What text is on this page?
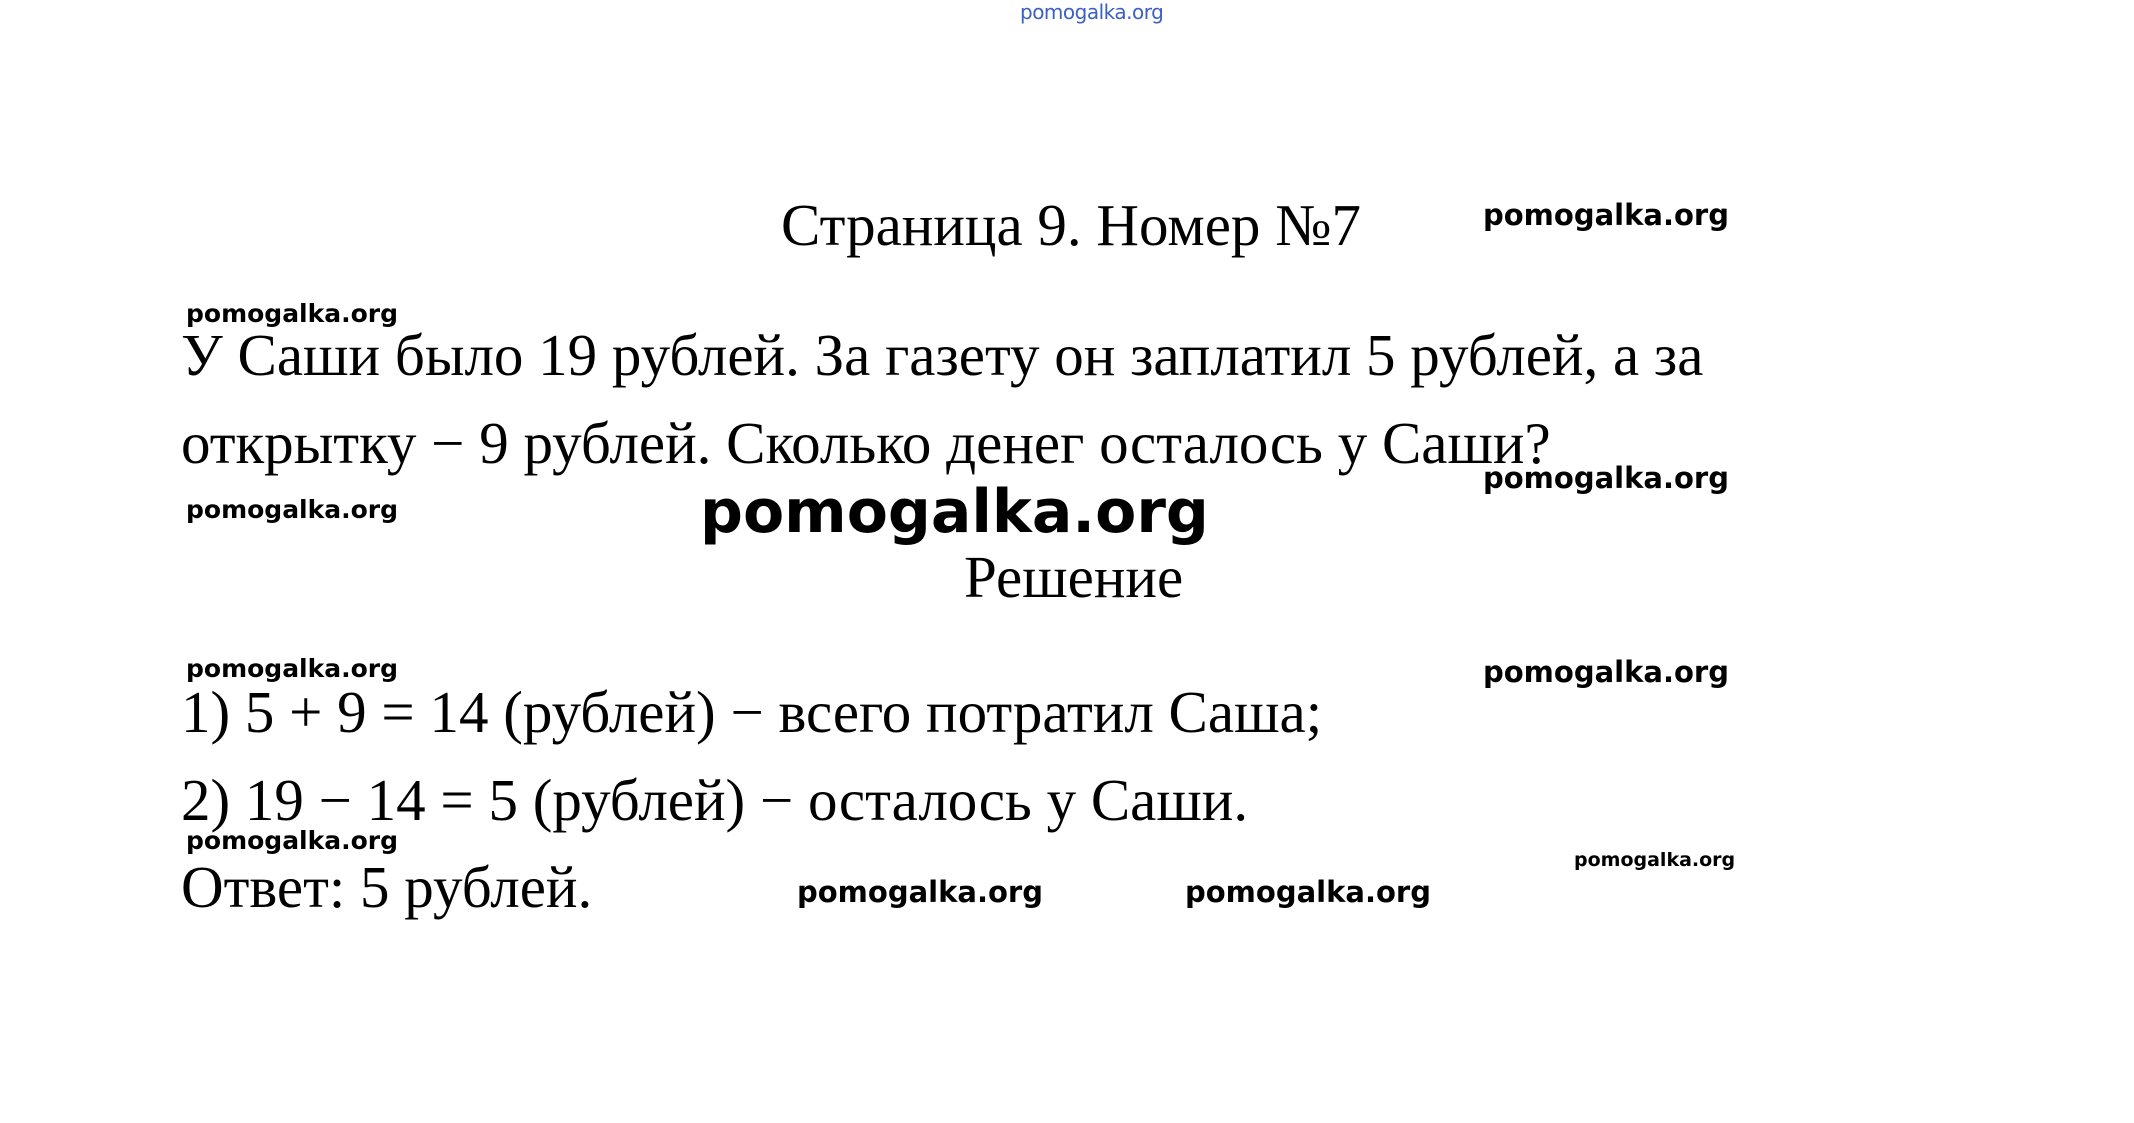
pomogalka.org
Страница 9. Номер №7
У Саши было 19 рублей. За газету он заплатил 5 рублей, а за
открытку − 9 рублей. Сколько денег осталось у Саши?
Решение
1) 5 + 9 = 14 (рублей) − всего потратил Саша;
2) 19 − 14 = 5 (рублей) − осталось у Саши.
Ответ: 5 рублей.
pomogalka.org
pomogalka.org
pomogalka.org
pomogalka.org	pomogalka.org
pomogalka.org	pomogalka.org
pomogalka.org
pomogalka.org
pomogalka.org	pomogalka.org
